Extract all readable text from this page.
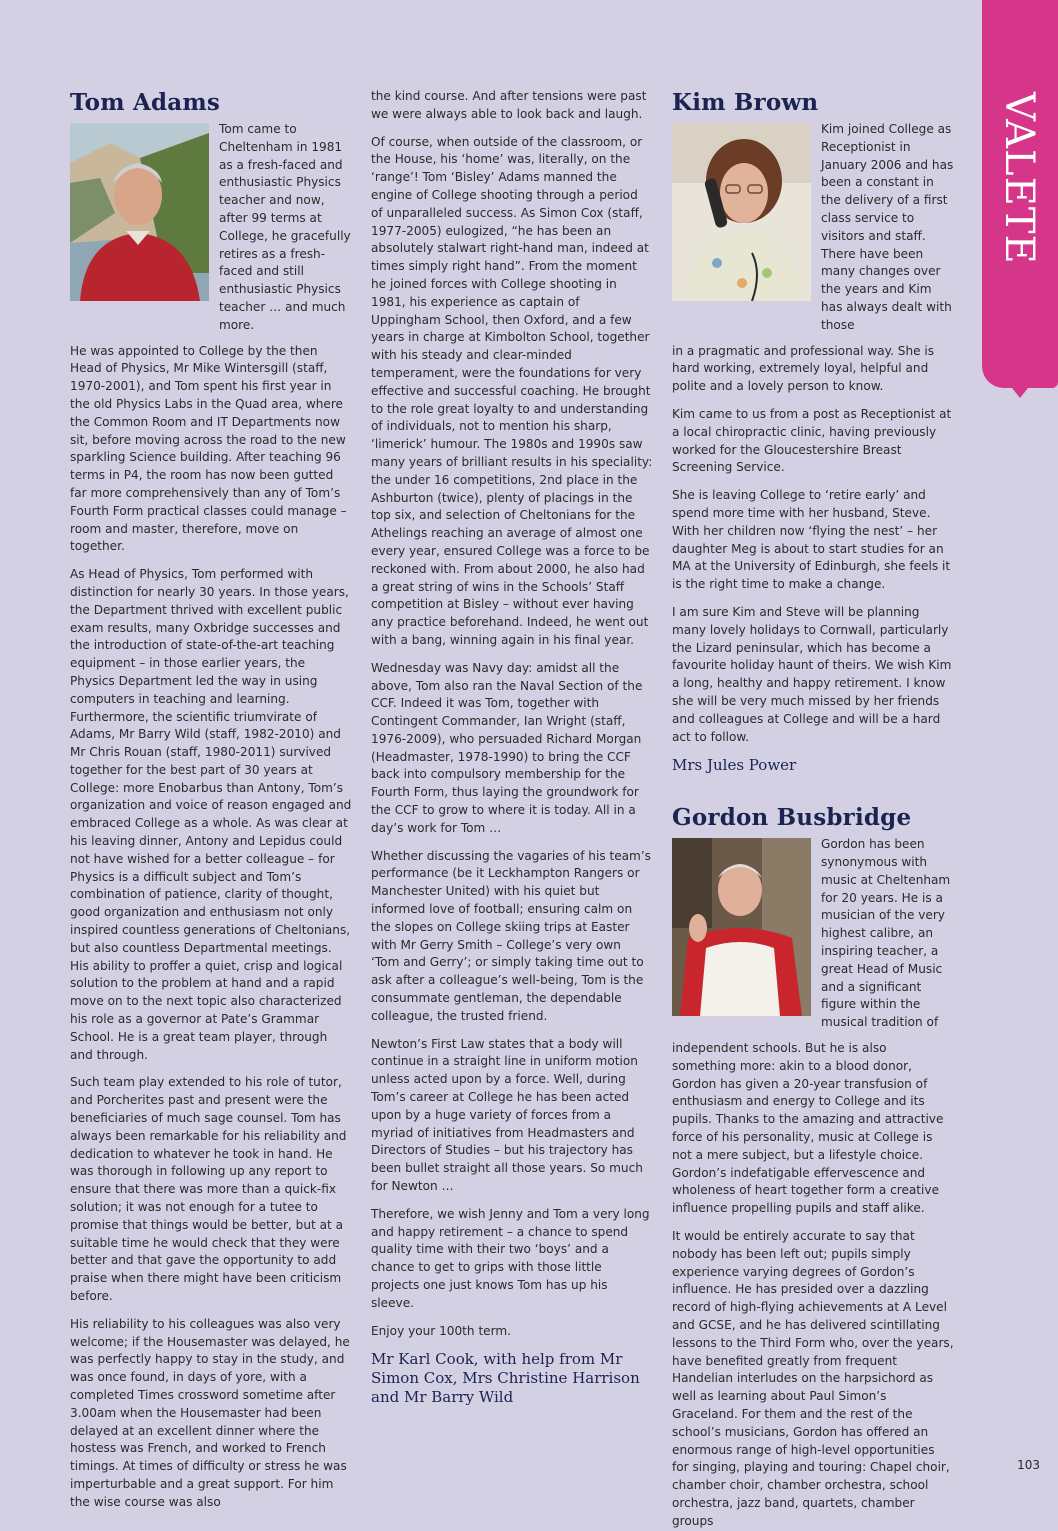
VALETE
Tom Adams
Tom came to Cheltenham in 1981 as a fresh-faced and enthusiastic Physics teacher and now, after 99 terms at College, he gracefully retires as a fresh-faced and still enthusiastic Physics teacher … and much more.

He was appointed to College by the then Head of Physics, Mr Mike Wintersgill (staff, 1970-2001), and Tom spent his first year in the old Physics Labs in the Quad area, where the Common Room and IT Departments now sit, before moving across the road to the new sparkling Science building. After teaching 96 terms in P4, the room has now been gutted far more comprehensively than any of Tom’s Fourth Form practical classes could manage – room and master, therefore, move on together.

As Head of Physics, Tom performed with distinction for nearly 30 years. In those years, the Department thrived with excellent public exam results, many Oxbridge successes and the introduction of state-of-the-art teaching equipment – in those earlier years, the Physics Department led the way in using computers in teaching and learning. Furthermore, the scientific triumvirate of Adams, Mr Barry Wild (staff, 1982-2010) and Mr Chris Rouan (staff, 1980-2011) survived together for the best part of 30 years at College: more Enobarbus than Antony, Tom’s organization and voice of reason engaged and embraced College as a whole. As was clear at his leaving dinner, Antony and Lepidus could not have wished for a better colleague – for Physics is a difficult subject and Tom’s combination of patience, clarity of thought, good organization and enthusiasm not only inspired countless generations of Cheltonians, but also countless Departmental meetings. His ability to proffer a quiet, crisp and logical solution to the problem at hand and a rapid move on to the next topic also characterized his role as a governor at Pate’s Grammar School. He is a great team player, through and through.

Such team play extended to his role of tutor, and Porcherites past and present were the beneficiaries of much sage counsel. Tom has always been remarkable for his reliability and dedication to whatever he took in hand. He was thorough in following up any report to ensure that there was more than a quick-fix solution; it was not enough for a tutee to promise that things would be better, but at a suitable time he would check that they were better and that gave the opportunity to add praise when there might have been criticism before.

His reliability to his colleagues was also very welcome; if the Housemaster was delayed, he was perfectly happy to stay in the study, and was once found, in days of yore, with a completed Times crossword sometime after 3.00am when the Housemaster had been delayed at an excellent dinner where the hostess was French, and worked to French timings. At times of difficulty or stress he was imperturbable and a great support. For him the wise course was also

the kind course. And after tensions were past we were always able to look back and laugh.

Of course, when outside of the classroom, or the House, his ‘home’ was, literally, on the ‘range’! Tom ‘Bisley’ Adams manned the engine of College shooting through a period of unparalleled success. As Simon Cox (staff, 1977-2005) eulogized, “he has been an absolutely stalwart right-hand man, indeed at times simply right hand”. From the moment he joined forces with College shooting in 1981, his experience as captain of Uppingham School, then Oxford, and a few years in charge at Kimbolton School, together with his steady and clear-minded temperament, were the foundations for very effective and successful coaching. He brought to the role great loyalty to and understanding of individuals, not to mention his sharp, ‘limerick’ humour. The 1980s and 1990s saw many years of brilliant results in his speciality: the under 16 competitions, 2nd place in the Ashburton (twice), plenty of placings in the top six, and selection of Cheltonians for the Athelings reaching an average of almost one every year, ensured College was a force to be reckoned with. From about 2000, he also had a great string of wins in the Schools’ Staff competition at Bisley – without ever having any practice beforehand. Indeed, he went out with a bang, winning again in his final year.

Wednesday was Navy day: amidst all the above, Tom also ran the Naval Section of the CCF. Indeed it was Tom, together with Contingent Commander, Ian Wright (staff, 1976-2009), who persuaded Richard Morgan (Headmaster, 1978-1990) to bring the CCF back into compulsory membership for the Fourth Form, thus laying the groundwork for the CCF to grow to where it is today. All in a day’s work for Tom …

Whether discussing the vagaries of his team’s performance (be it Leckhampton Rangers or Manchester United) with his quiet but informed love of football; ensuring calm on the slopes on College skiing trips at Easter with Mr Gerry Smith – College’s very own ‘Tom and Gerry’; or simply taking time out to ask after a colleague’s well-being, Tom is the consummate gentleman, the dependable colleague, the trusted friend.

Newton’s First Law states that a body will continue in a straight line in uniform motion unless acted upon by a force. Well, during Tom’s career at College he has been acted upon by a huge variety of forces from a myriad of initiatives from Headmasters and Directors of Studies – but his trajectory has been bullet straight all those years. So much for Newton …

Therefore, we wish Jenny and Tom a very long and happy retirement – a chance to spend quality time with their two ‘boys’ and a chance to get to grips with those little projects one just knows Tom has up his sleeve.

Enjoy your 100th term.

Mr Karl Cook, with help from Mr Simon Cox, Mrs Christine Harrison and Mr Barry Wild

Kim Brown
Kim joined College as Receptionist in January 2006 and has been a constant in the delivery of a first class service to visitors and staff. There have been many changes over the years and Kim has always dealt with those

in a pragmatic and professional way. She is hard working, extremely loyal, helpful and polite and a lovely person to know.

Kim came to us from a post as Receptionist at a local chiropractic clinic, having previously worked for the Gloucestershire Breast Screening Service.

She is leaving College to ‘retire early’ and spend more time with her husband, Steve. With her children now ‘flying the nest’ – her daughter Meg is about to start studies for an MA at the University of Edinburgh, she feels it is the right time to make a change.

I am sure Kim and Steve will be planning many lovely holidays to Cornwall, particularly the Lizard peninsular, which has become a favourite holiday haunt of theirs. We wish Kim a long, healthy and happy retirement. I know she will be very much missed by her friends and colleagues at College and will be a hard act to follow.

Mrs Jules Power

Gordon Busbridge
Gordon has been synonymous with music at Cheltenham for 20 years. He is a musician of the very highest calibre, an inspiring teacher, a great Head of Music and a significant figure within the musical tradition of

independent schools. But he is also something more: akin to a blood donor, Gordon has given a 20-year transfusion of enthusiasm and energy to College and its pupils. Thanks to the amazing and attractive force of his personality, music at College is not a mere subject, but a lifestyle choice. Gordon’s indefatigable effervescence and wholeness of heart together form a creative influence propelling pupils and staff alike.

It would be entirely accurate to say that nobody has been left out; pupils simply experience varying degrees of Gordon’s influence. He has presided over a dazzling record of high-flying achievements at A Level and GCSE, and he has delivered scintillating lessons to the Third Form who, over the years, have benefited greatly from frequent Handelian interludes on the harpsichord as well as learning about Paul Simon’s Graceland. For them and the rest of the school’s musicians, Gordon has offered an enormous range of high-level opportunities for singing, playing and touring: Chapel choir, chamber choir, chamber orchestra, school orchestra, jazz band, quartets, chamber groups

103
